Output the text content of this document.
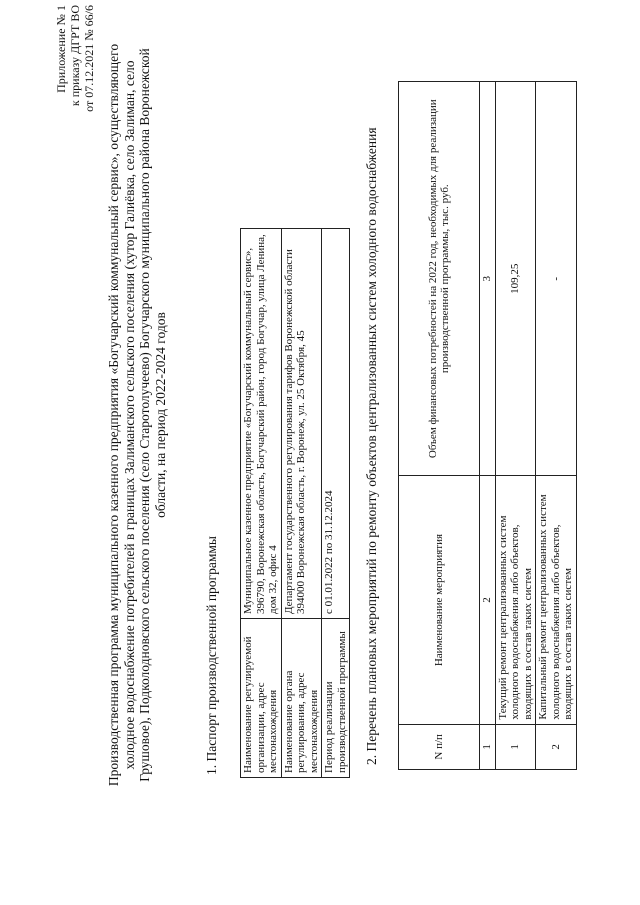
Приложение № 1 к приказу ДГРТ ВО от 07.12.2021 № 66/6 Производственная программа муниципального казенного предприятия «Богучарский коммунальный сервис», осуществляющего холодное водоснабжение потребителей в границах Залиманского сельского поселения (хутор Галиёвка, село Залиман, село Грушовое), Подколодновского сельского поселения (село Старотолучеево) Богучарского муниципального района Воронежской области, на период 2022-2024 годов
1. Паспорт производственной программы Наименование регулируемой организации, адрес местонахождения	Муниципальное казенное предприятие «Богучарский коммунальный сервис», 396790, Воронежская область, Богучарский район, город Богучар, улица Ленина, дом 32, офис 4
Наименование органа регулирования, адрес местонахождения	Департамент государственного регулирования тарифов Воронежской области 394000 Воронежская область, г. Воронеж, ул. 25 Октября, 45
Период реализации производственной программы	с 01.01.2022 по 31.12.2024 2. Перечень плановых мероприятий по ремонту объектов централизованных систем холодного водоснабжения	N п/п	Наименование мероприятия	Объем финансовых потребностей на 2022 год, необходимых для реализации производственной программы, тыс. руб.
1	2	3
1	Текущий ремонт централизованных систем холодного водоснабжения либо объектов, входящих в состав таких систем	109,25
2	Капитальный ремонт централизованных систем холодного водоснабжения либо объектов, входящих в состав таких систем	-
